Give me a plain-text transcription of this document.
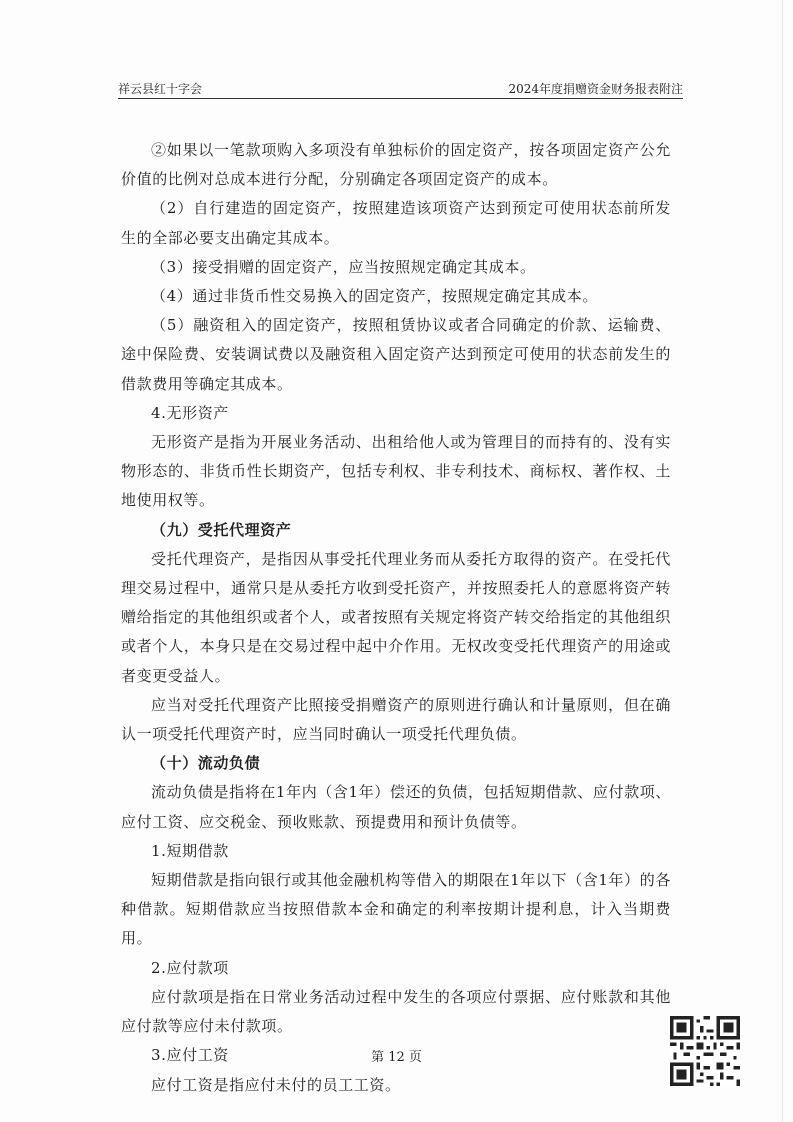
祥云县红十字会	2024年度捐赠资金财务报表附注

②如果以一笔款项购入多项没有单独标价的固定资产，按各项固定资产公允价值的比例对总成本进行分配，分别确定各项固定资产的成本。

（2）自行建造的固定资产，按照建造该项资产达到预定可使用状态前所发生的全部必要支出确定其成本。

（3）接受捐赠的固定资产，应当按照规定确定其成本。

（4）通过非货币性交易换入的固定资产，按照规定确定其成本。

（5）融资租入的固定资产，按照租赁协议或者合同确定的价款、运输费、途中保险费、安装调试费以及融资租入固定资产达到预定可使用的状态前发生的借款费用等确定其成本。

4.无形资产

无形资产是指为开展业务活动、出租给他人或为管理目的而持有的、没有实物形态的、非货币性长期资产，包括专利权、非专利技术、商标权、著作权、土地使用权等。

（九）受托代理资产

受托代理资产，是指因从事受托代理业务而从委托方取得的资产。在受托代理交易过程中，通常只是从委托方收到受托资产，并按照委托人的意愿将资产转赠给指定的其他组织或者个人，或者按照有关规定将资产转交给指定的其他组织或者个人，本身只是在交易过程中起中介作用。无权改变受托代理资产的用途或者变更受益人。

应当对受托代理资产比照接受捐赠资产的原则进行确认和计量原则，但在确认一项受托代理资产时，应当同时确认一项受托代理负债。

（十）流动负债

流动负债是指将在1年内（含1年）偿还的负债，包括短期借款、应付款项、应付工资、应交税金、预收账款、预提费用和预计负债等。

1.短期借款

短期借款是指向银行或其他金融机构等借入的期限在1年以下（含1年）的各种借款。短期借款应当按照借款本金和确定的利率按期计提利息，计入当期费用。

2.应付款项

应付款项是指在日常业务活动过程中发生的各项应付票据、应付账款和其他应付款等应付未付款项。

3.应付工资

应付工资是指应付未付的员工工资。

第 12 页
